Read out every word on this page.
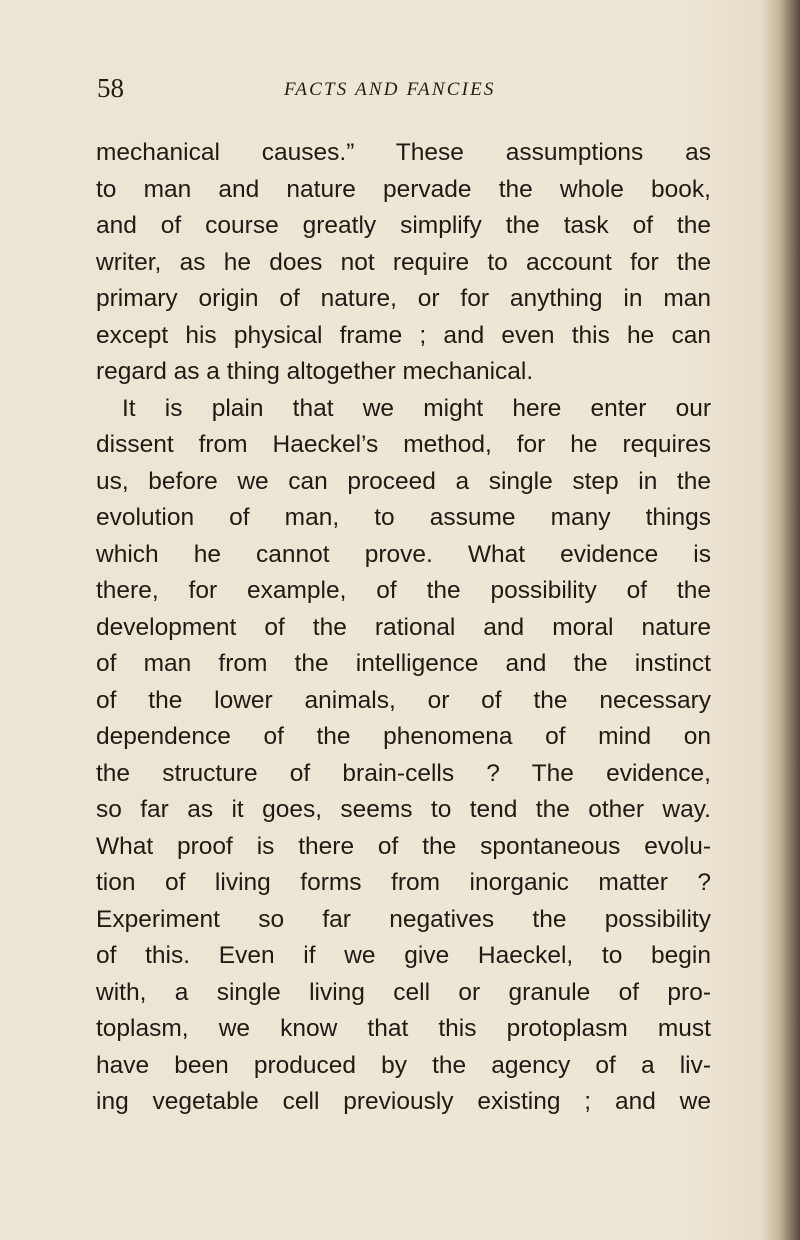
58	FACTS AND FANCIES
mechanical causes.” These assumptions as
to man and nature pervade the whole book,
and of course greatly simplify the task of the
writer, as he does not require to account for the
primary origin of nature, or for anything in man
except his physical frame ; and even this he can
regard as a thing altogether mechanical.
It is plain that we might here enter our
dissent from Haeckel’s method, for he requires
us, before we can proceed a single step in the
evolution of man, to assume many things
which he cannot prove. What evidence is
there, for example, of the possibility of the
development of the rational and moral nature
of man from the intelligence and the instinct
of the lower animals, or of the necessary
dependence of the phenomena of mind on
the structure of brain-cells ? The evidence,
so far as it goes, seems to tend the other way.
What proof is there of the spontaneous evolu-
tion of living forms from inorganic matter ?
Experiment so far negatives the possibility
of this. Even if we give Haeckel, to begin
with, a single living cell or granule of pro-
toplasm, we know that this protoplasm must
have been produced by the agency of a liv-
ing vegetable cell previously existing ; and we
